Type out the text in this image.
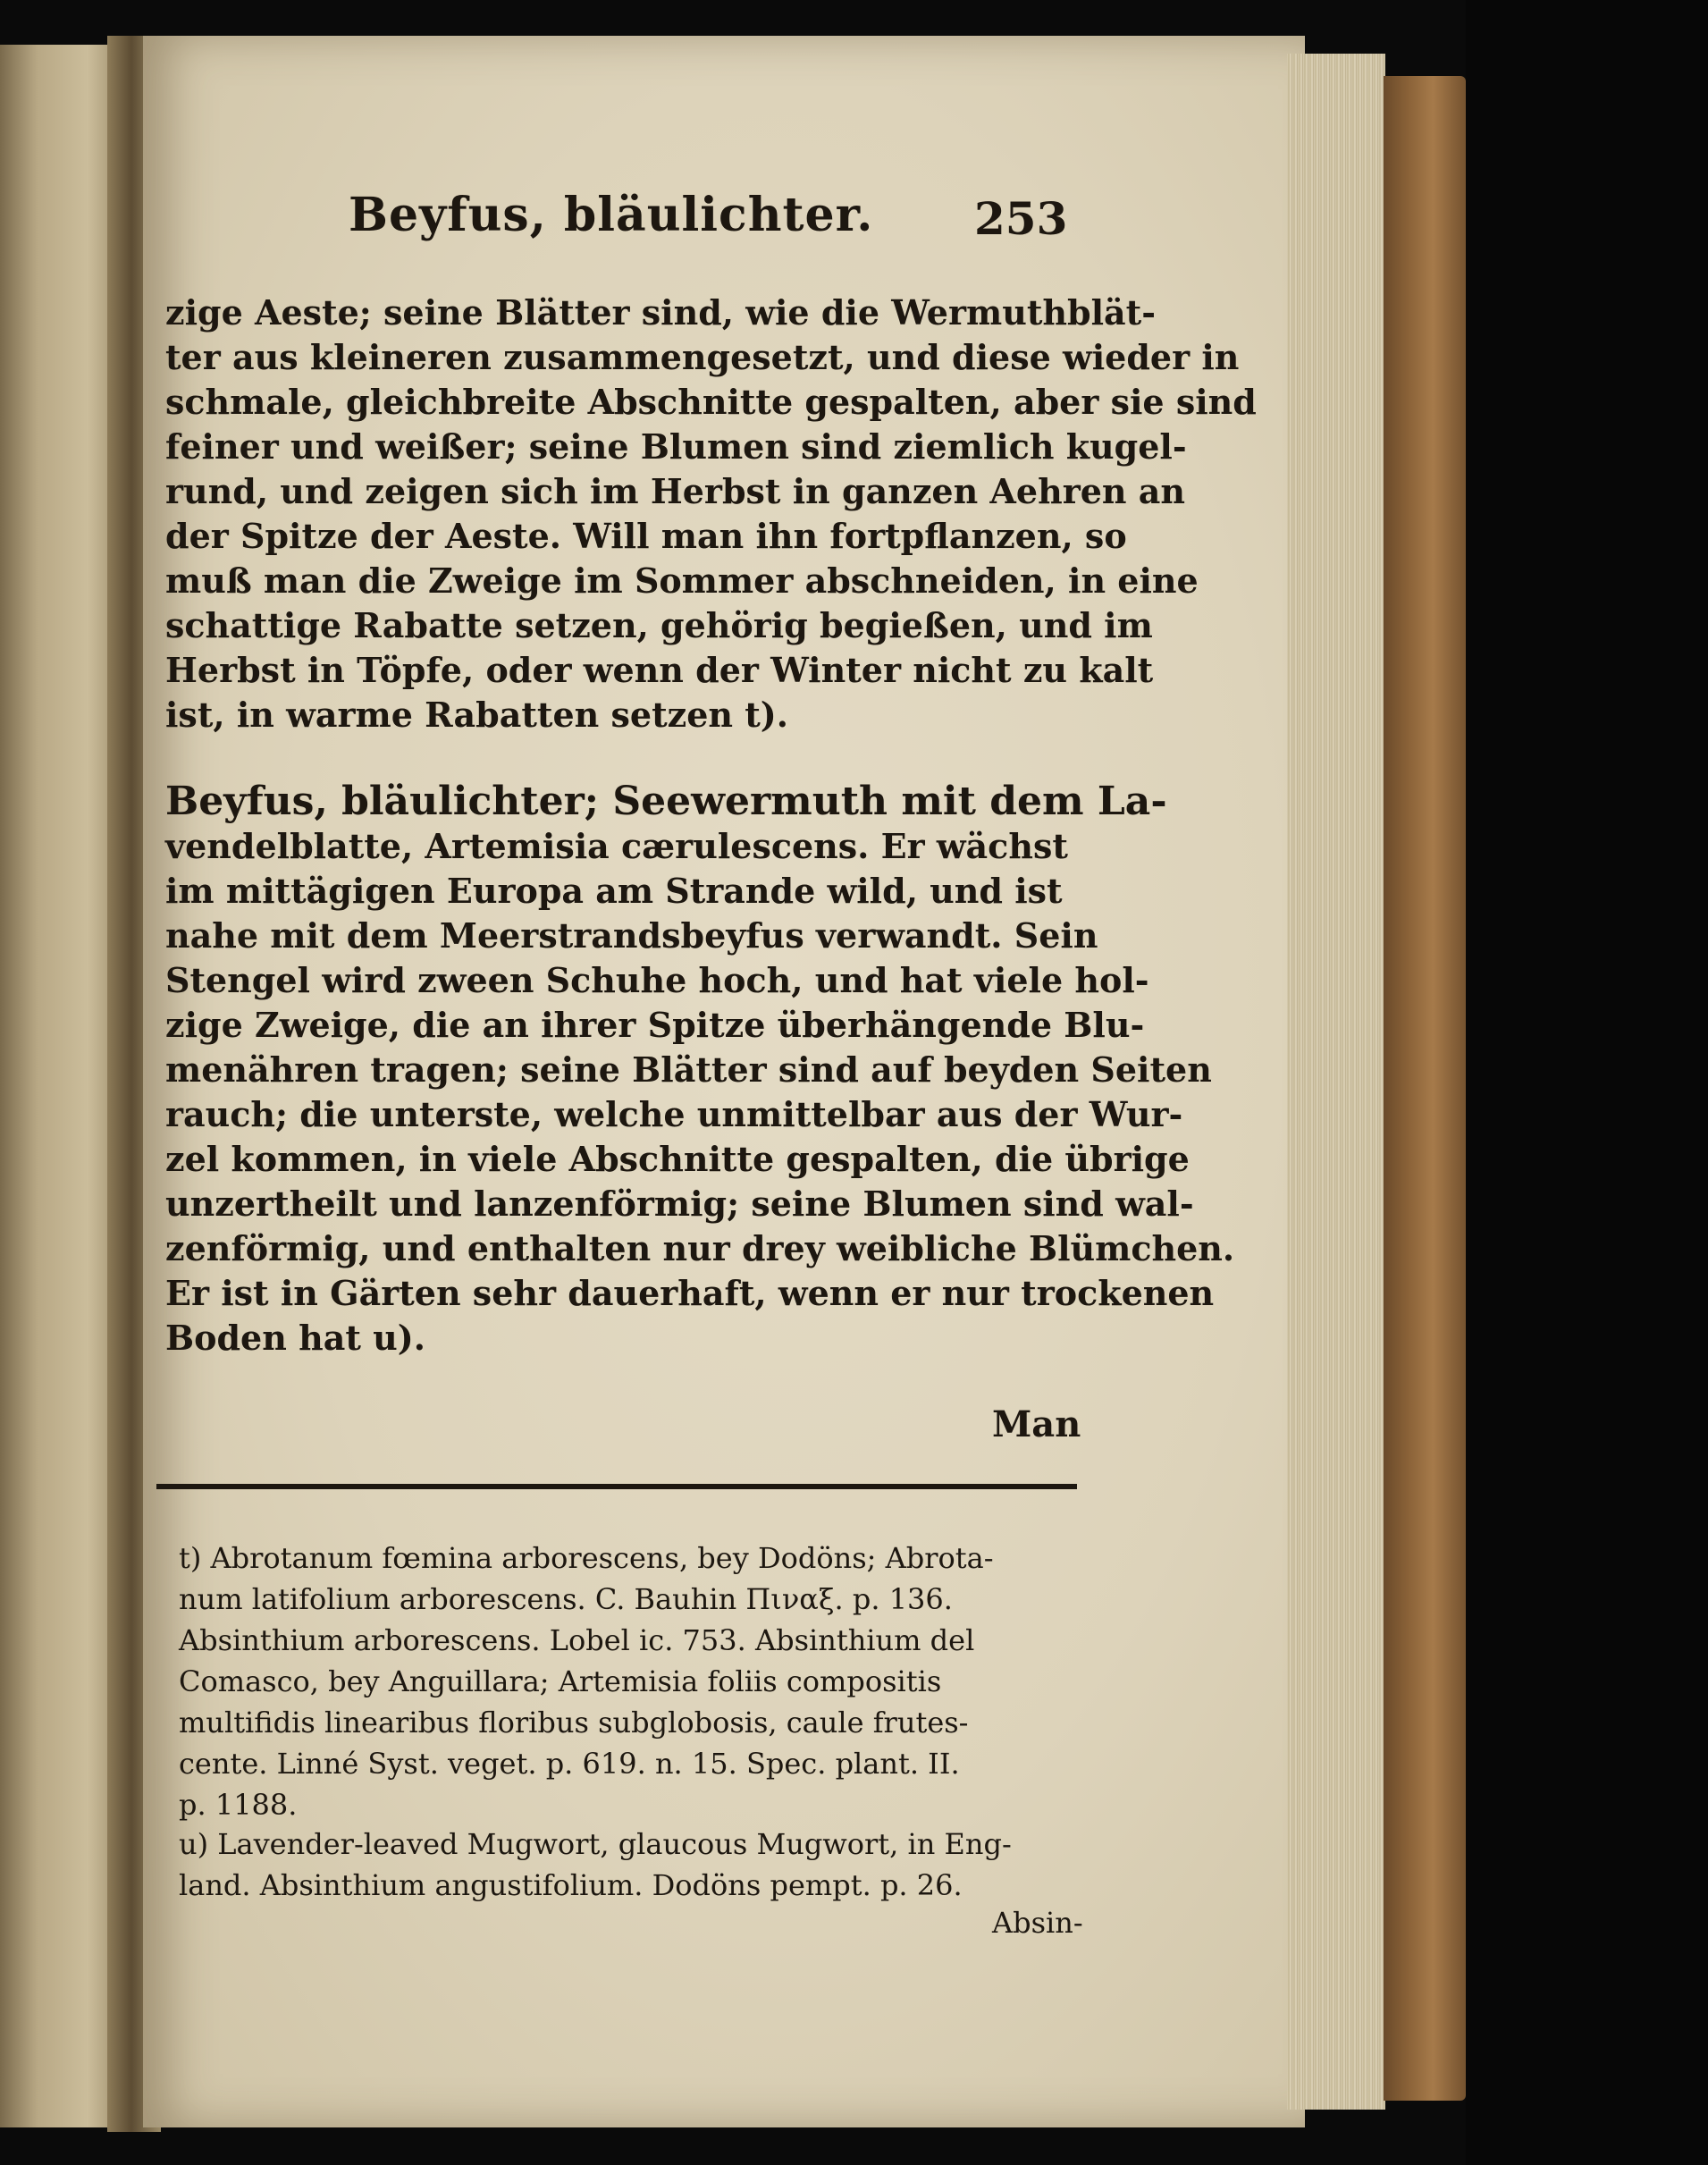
Beyfus, bläulichter.	253
zige Aeste; seine Blätter sind, wie die Wermuthblät-
ter aus kleineren zusammengesetzt, und diese wieder in
schmale, gleichbreite Abschnitte gespalten, aber sie sind
feiner und weißer; seine Blumen sind ziemlich kugel-
rund, und zeigen sich im Herbst in ganzen Aehren an
der Spitze der Aeste. Will man ihn fortpflanzen, so
muß man die Zweige im Sommer abschneiden, in eine
schattige Rabatte setzen, gehörig begießen, und im
Herbst in Töpfe, oder wenn der Winter nicht zu kalt
ist, in warme Rabatten setzen t).
Beyfus, bläulichter; Seewermuth mit dem La-
vendelblatte, Artemisia cærulescens. Er wächst
im mittägigen Europa am Strande wild, und ist
nahe mit dem Meerstrandsbeyfus verwandt. Sein
Stengel wird zween Schuhe hoch, und hat viele hol-
zige Zweige, die an ihrer Spitze überhängende Blu-
menähren tragen; seine Blätter sind auf beyden Seiten
rauch; die unterste, welche unmittelbar aus der Wur-
zel kommen, in viele Abschnitte gespalten, die übrige
unzertheilt und lanzenförmig; seine Blumen sind wal-
zenförmig, und enthalten nur drey weibliche Blümchen.
Er ist in Gärten sehr dauerhaft, wenn er nur trockenen
Boden hat u).
Man
t) Abrotanum fœmina arborescens, bey Dodöns; Abrota-
num latifolium arborescens. C. Bauhin Πιναξ. p. 136.
Absinthium arborescens. Lobel ic. 753. Absinthium del
Comasco, bey Anguillara; Artemisia foliis compositis
multifidis linearibus floribus subglobosis, caule frutes-
cente. Linné Syst. veget. p. 619. n. 15. Spec. plant. II.
p. 1188.
u) Lavender-leaved Mugwort, glaucous Mugwort, in Eng-
land. Absinthium angustifolium. Dodöns pempt. p. 26.
Absin-
